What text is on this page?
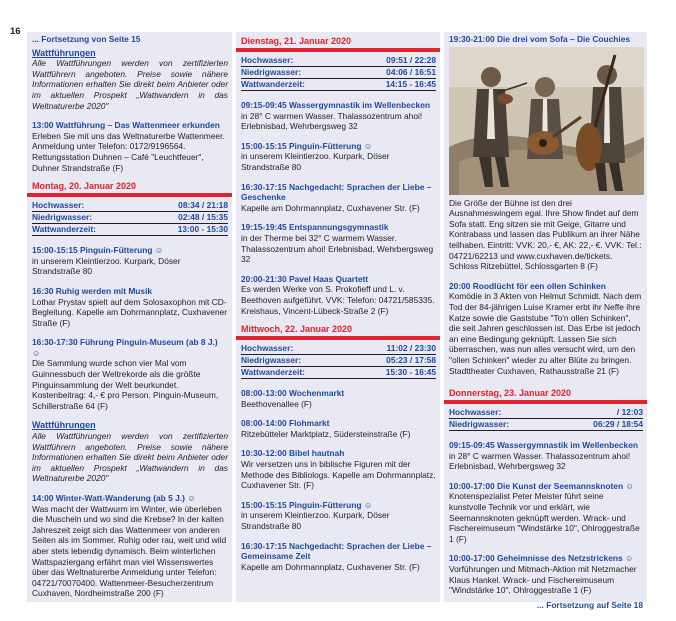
16
... Fortsetzung von Seite 15
Wattführungen
Alle Wattführungen werden von zertifizierten Wattführern angeboten. Preise sowie nähere Informationen erhalten Sie direkt beim Anbieter oder im aktuellen Prospekt „Wattwandern in das Weltnaturerbe 2020"
13:00 Wattführung – Das Wattenmeer erkunden
Erleben Sie mit uns das Weltnaturerbe Wattenmeer. Anmeldung unter Telefon: 0172/9196564. Rettungsstation Duhnen – Café "Leuchtfeuer", Duhner Strandstraße (F)
Montag, 20. Januar 2020
Hochwasser:	08:34 / 21:18
Niedrigwasser:	02:48 / 15:35
Wattwanderzeit:	13:00 - 15:30
15:00-15:15 Pinguin-Fütterung ☺
in unserem Kleintierzoo. Kurpark, Döser Strandstraße 80
16:30 Ruhig werden mit Musik
Lothar Prystav spielt auf dem Solosaxophon mit CD-Begleitung. Kapelle am Dohrmannplatz, Cuxhavener Straße (F)
16:30-17:30 Führung Pinguin-Museum (ab 8 J.) ☺
Die Sammlung wurde schon vier Mal vom Guinnessbuch der Weltrekorde als die größte Pinguinsammlung der Welt beurkundet. Kostenbeitrag: 4,- € pro Person. Pinguin-Museum, Schillerstraße 64 (F)
Wattführungen
Alle Wattführungen werden von zertifizierten Wattführern angeboten. Preise sowie nähere Informationen erhalten Sie direkt beim Anbieter oder im aktuellen Prospekt „Wattwandern in das Weltnaturerbe 2020"
14:00 Winter-Watt-Wanderung (ab 5 J.) ☺
Was macht der Wattwurm im Winter, wie überleben die Muscheln und wo sind die Krebse? In der kalten Jahreszeit zeigt sich das Wattenmeer von anderen Seiten als im Sommer. Ruhig oder rau, weit und wild aber stets lebendig dynamisch. Beim winterlichen Wattspaziergang erfährt man viel Wissenswertes über das Weltnaturerbe Anmeldung unter Telefon: 04721/70070400. Wattenmeer-Besucherzentrum Cuxhaven, Nordheimstraße 200 (F)
Dienstag, 21. Januar 2020
Hochwasser:	09:51 / 22:28
Niedrigwasser:	04:06 / 16:51
Wattwanderzeit:	14:15 - 16:45
09:15-09:45 Wassergymnastik im Wellenbecken
in 28° C warmen Wasser. Thalassozentrum ahoi! Erlebnisbad, Wehrbergsweg 32
15:00-15:15 Pinguin-Fütterung ☺
in unserem Kleintierzoo. Kurpark, Döser Strandstraße 80
16:30-17:15 Nachgedacht: Sprachen der Liebe – Geschenke
Kapelle am Dohrmannplatz, Cuxhavener Str. (F)
19:15-19:45 Entspannungsgymnastik
in der Therme bei 32° C warmem Wasser. Thalassozentrum ahoi! Erlebnisbad, Wehrbergsweg 32
20:00-21:30 Pavel Haas Quartett
Es werden Werke von S. Prokofieff und L. v. Beethoven aufgeführt. VVK: Telefon: 04721/585335. Kreishaus, Vincent-Lübeck-Straße 2 (F)
Mittwoch, 22. Januar 2020
Hochwasser:	11:02 / 23:30
Niedrigwasser:	05:23 / 17:58
Wattwanderzeit:	15:30 - 16:45
08:00-13:00 Wochenmarkt
Beethovenallee (F)
08:00-14:00 Flohmarkt
Ritzebütteler Marktplatz, Südersteinstraße (F)
10:30-12:00 Bibel hautnah
Wir versetzen uns in biblische Figuren mit der Methode des Bibliologs. Kapelle am Dohrmannplatz, Cuxhavener Str. (F)
15:00-15:15 Pinguin-Fütterung ☺
in unserem Kleintierzoo. Kurpark, Döser Strandstraße 80
16:30-17:15 Nachgedacht: Sprachen der Liebe – Gemeinsame Zeit
Kapelle am Dohrmannplatz, Cuxhavener Str. (F)
19:30-21:00 Die drei vom Sofa – Die Couchies
Die Größe der Bühne ist den drei Ausnahmeswingern egal. Ihre Show findet auf dem Sofa statt. Eng sitzen sie mit Geige, Gitarre und Kontrabass und lassen das Publikum an ihrer Nähe teilhaben. Eintritt: VVK: 20,- €, AK: 22,- €. VVK: Tel.: 04721/62213 und www.cuxhaven.de/tickets. Schloss Ritzebüttel, Schlossgarten 8 (F)
20:00 Roodlücht för een ollen Schinken
Komödie in 3 Akten von Helmut Schmidt. Nach dem Tod der 84-jährigen Luise Kramer erbt ihr Neffe ihre Katze sowie die Gaststube "To'n ollen Schinken", die seit Jahren geschlossen ist. Das Erbe ist jedoch an eine Bedingung geknüpft. Lassen Sie sich überraschen, was nun alles versucht wird, um den "ollen Schinken" wieder zu alter Blüte zu bringen. Stadttheater Cuxhaven, Rathausstraße 21 (F)
Donnerstag, 23. Januar 2020
Hochwasser:	/ 12:03
Niedrigwasser:	06:29 / 18:54
09:15-09:45 Wassergymnastik im Wellenbecken
in 28° C warmen Wasser. Thalassozentrum ahoi! Erlebnisbad, Wehrbergsweg 32
10:00-17:00 Die Kunst der Seemannsknoten ☺
Knotenspezialist Peter Meister führt seine kunstvolle Technik vor und erklärt, wie Seemannsknoten geknüpft werden. Wrack- und Fischereimuseum "Windstärke 10", Ohlroggestraße 1 (F)
10:00-17:00 Geheimnisse des Netzstrickens ☺
Vorführungen und Mitmach-Aktion mit Netzmacher Klaus Hankel. Wrack- und Fischereimuseum "Windstärke 10", Ohlroggestraße 1 (F)
... Fortsetzung auf Seite 18
